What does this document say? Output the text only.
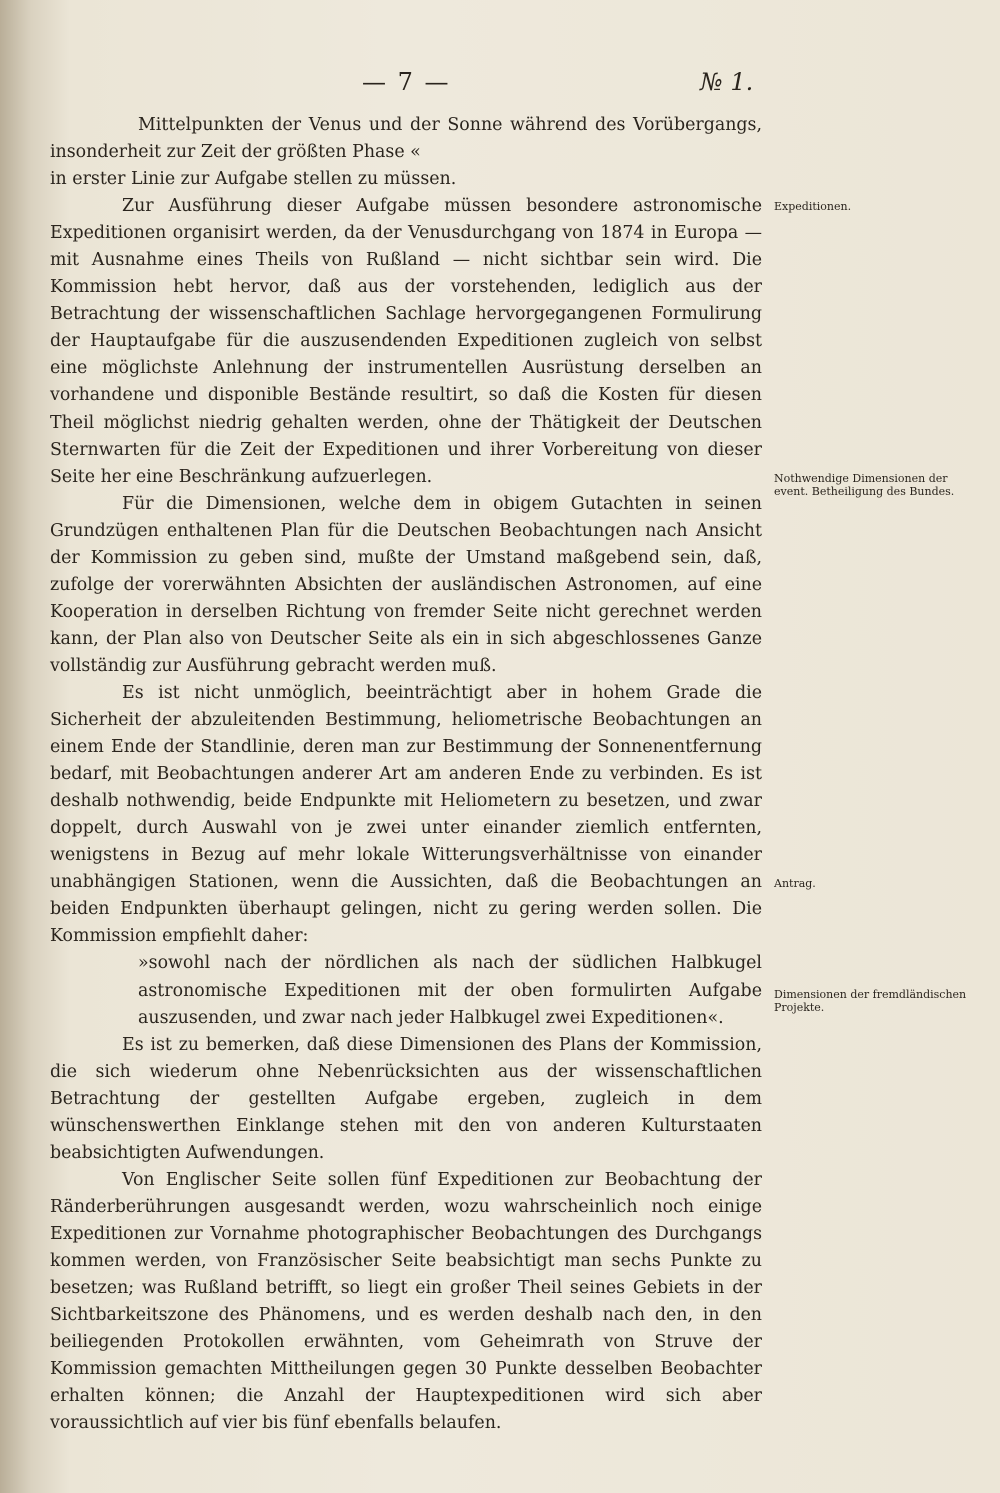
— 7 —	№ 1.

Mittelpunkten der Venus und der Sonne während des Vorübergangs, insonderheit zur Zeit der größten Phase «

in erster Linie zur Aufgabe stellen zu müssen.

Zur Ausführung dieser Aufgabe müssen besondere astronomische Expeditionen organisirt werden, da der Venusdurchgang von 1874 in Europa — mit Ausnahme eines Theils von Rußland — nicht sichtbar sein wird. Die Kommission hebt hervor, daß aus der vorstehenden, lediglich aus der Betrachtung der wissenschaftlichen Sachlage hervorgegangenen Formulirung der Hauptaufgabe für die auszusendenden Expeditionen zugleich von selbst eine möglichste Anlehnung der instrumentellen Ausrüstung derselben an vorhandene und disponible Bestände resultirt, so daß die Kosten für diesen Theil möglichst niedrig gehalten werden, ohne der Thätigkeit der Deutschen Sternwarten für die Zeit der Expeditionen und ihrer Vorbereitung von dieser Seite her eine Beschränkung aufzuerlegen.

Für die Dimensionen, welche dem in obigem Gutachten in seinen Grundzügen enthaltenen Plan für die Deutschen Beobachtungen nach Ansicht der Kommission zu geben sind, mußte der Umstand maßgebend sein, daß, zufolge der vorerwähnten Absichten der ausländischen Astronomen, auf eine Kooperation in derselben Richtung von fremder Seite nicht gerechnet werden kann, der Plan also von Deutscher Seite als ein in sich abgeschlossenes Ganze vollständig zur Ausführung gebracht werden muß.

Es ist nicht unmöglich, beeinträchtigt aber in hohem Grade die Sicherheit der abzuleitenden Bestimmung, heliometrische Beobachtungen an einem Ende der Standlinie, deren man zur Bestimmung der Sonnenentfernung bedarf, mit Beobachtungen anderer Art am anderen Ende zu verbinden. Es ist deshalb nothwendig, beide Endpunkte mit Heliometern zu besetzen, und zwar doppelt, durch Auswahl von je zwei unter einander ziemlich entfernten, wenigstens in Bezug auf mehr lokale Witterungsverhältnisse von einander unabhängigen Stationen, wenn die Aussichten, daß die Beobachtungen an beiden Endpunkten überhaupt gelingen, nicht zu gering werden sollen. Die Kommission empfiehlt daher:

»sowohl nach der nördlichen als nach der südlichen Halbkugel astronomische Expeditionen mit der oben formulirten Aufgabe auszusenden, und zwar nach jeder Halbkugel zwei Expeditionen«.

Es ist zu bemerken, daß diese Dimensionen des Plans der Kommission, die sich wiederum ohne Nebenrücksichten aus der wissenschaftlichen Betrachtung der gestellten Aufgabe ergeben, zugleich in dem wünschenswerthen Einklange stehen mit den von anderen Kulturstaaten beabsichtigten Aufwendungen.

Von Englischer Seite sollen fünf Expeditionen zur Beobachtung der Ränderberührungen ausgesandt werden, wozu wahrscheinlich noch einige Expeditionen zur Vornahme photographischer Beobachtungen des Durchgangs kommen werden, von Französischer Seite beabsichtigt man sechs Punkte zu besetzen; was Rußland betrifft, so liegt ein großer Theil seines Gebiets in der Sichtbarkeitszone des Phänomens, und es werden deshalb nach den, in den beiliegenden Protokollen erwähnten, vom Geheimrath von Struve der Kommission gemachten Mittheilungen gegen 30 Punkte desselben Beobachter erhalten können; die Anzahl der Hauptexpeditionen wird sich aber voraussichtlich auf vier bis fünf ebenfalls belaufen.

Expeditionen.
Nothwendige Dimensionen der event. Betheiligung des Bundes.
Antrag.
Dimensionen der fremdländischen Projekte.
